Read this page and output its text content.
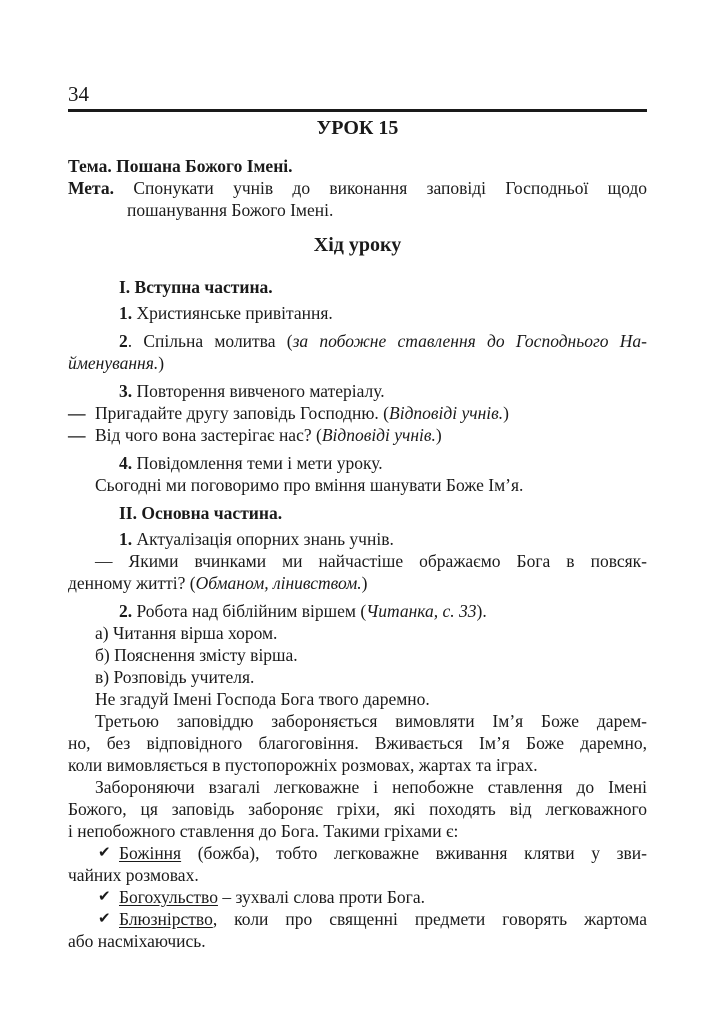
34
УРОК 15

Тема. Пошана Божого Імені.

Мета. Спонукати учнів до виконання заповіді Господньої щодо

пошанування Божого Імені.

Хід уроку

I. Вступна частина.

1. Християнське привітання.

2. Спільна молитва (за побожне ставлення до Господнього На-

йменування.)

3. Повторення вивченого матеріалу.

— Пригадайте другу заповідь Господню. (Відповіді учнів.)

— Від чого вона застерігає нас? (Відповіді учнів.)

4. Повідомлення теми і мети уроку.

Сьогодні ми поговоримо про вміння шанувати Боже Ім’я.

II. Основна частина.

1. Актуалізація опорних знань учнів.

— Якими вчинками ми найчастіше ображаємо Бога в повсяк-

денному житті? (Обманом, лінивством.)

2. Робота над біблійним віршем (Читанка, с. 33).

а) Читання вірша хором.

б) Пояснення змісту вірша.

в) Розповідь учителя.

Не згадуй Імені Господа Бога твого даремно.

Третьою заповіддю забороняється вимовляти Ім’я Боже дарем-

но, без відповідного благоговіння. Вживається Ім’я Боже даремно,

коли вимовляється в пустопорожніх розмовах, жартах та іграх.

Забороняючи взагалі легковажне і непобожне ставлення до Імені

Божого, ця заповідь забороняє гріхи, які походять від легковажного

і непобожного ставлення до Бога. Такими гріхами є:

✔ Божіння (божба), тобто легковажне вживання клятви у зви-

чайних розмовах.

✔ Богохульство – зухвалі слова проти Бога.

✔ Блюзнірство, коли про священні предмети говорять жартома

або насміхаючись.
